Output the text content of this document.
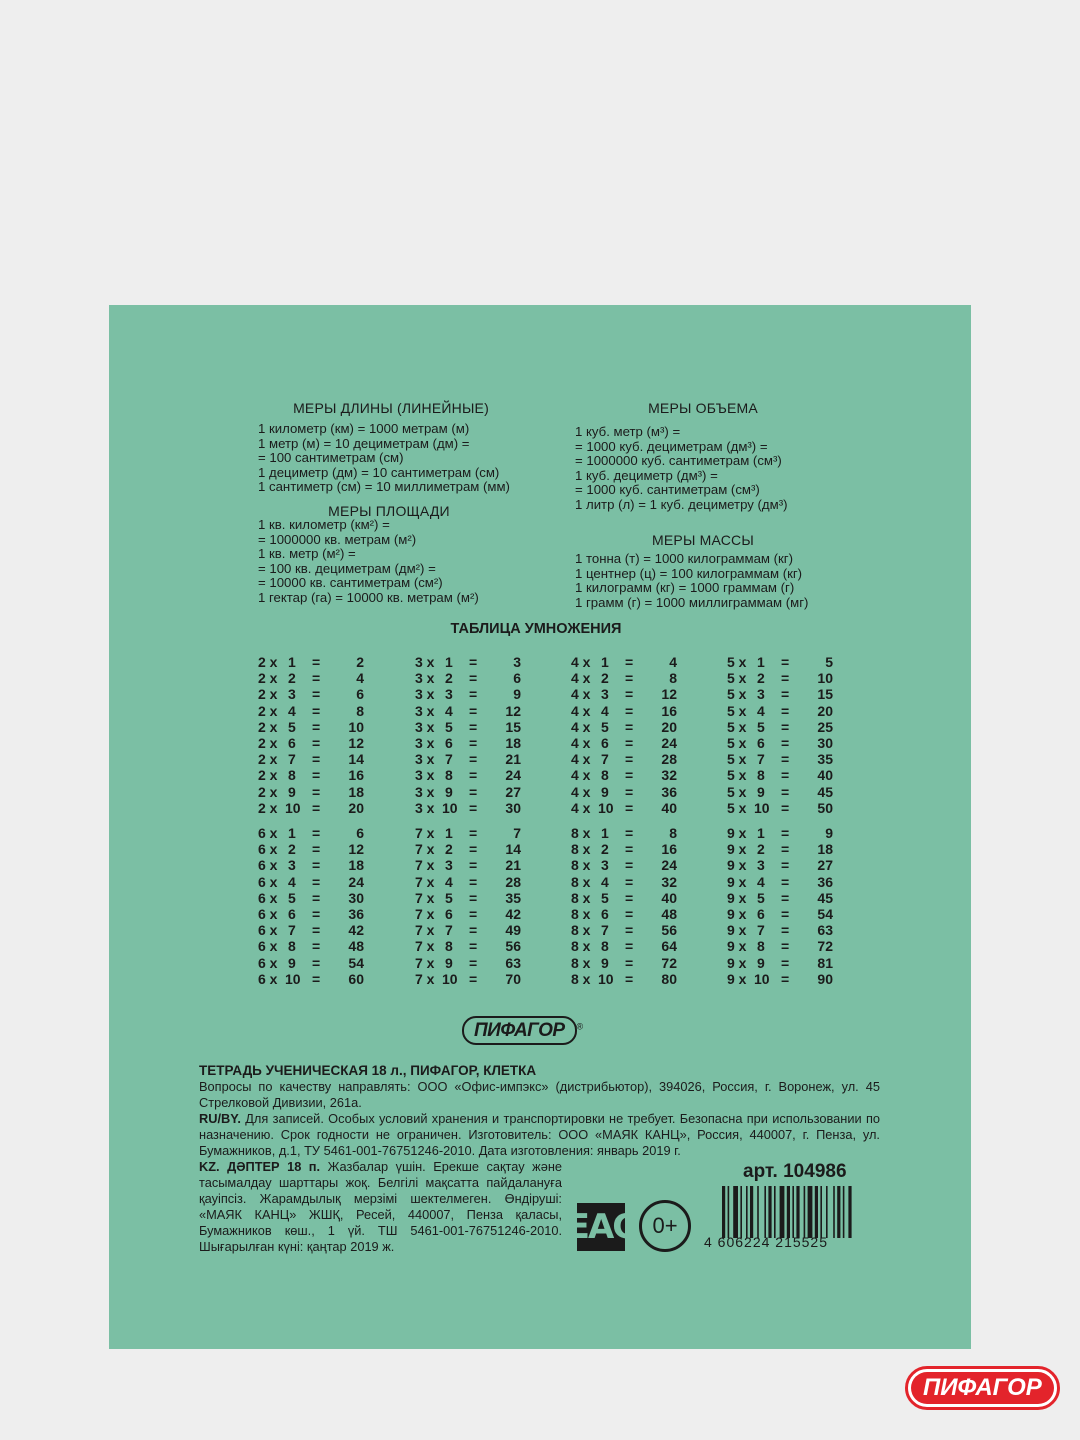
МЕРЫ ДЛИНЫ (ЛИНЕЙНЫЕ)
1 километр (км) = 1000 метрам (м)
1 метр (м) = 10 дециметрам (дм) =
= 100 сантиметрам (см)
1 дециметр (дм) = 10 сантиметрам (см)
1 сантиметр (см) = 10 миллиметрам (мм)
МЕРЫ ПЛОЩАДИ
1 кв. километр (км²) =
= 1000000 кв. метрам (м²)
1 кв. метр (м²) =
= 100 кв. дециметрам (дм²) =
= 10000 кв. сантиметрам (см²)
1 гектар (га) = 10000 кв. метрам (м²)
МЕРЫ ОБЪЕМА
1 куб. метр (м³) =
= 1000 куб. дециметрам (дм³) =
= 1000000 куб. сантиметрам (см³)
1 куб. дециметр (дм³) =
= 1000 куб. сантиметрам (см³)
1 литр (л) = 1 куб. дециметру (дм³)
МЕРЫ МАССЫ
1 тонна (т) = 1000 килограммам (кг)
1 центнер (ц) = 100 килограммам (кг)
1 килограмм (кг) = 1000 граммам (г)
1 грамм (г) = 1000 миллиграммам (мг)
ТАБЛИЦА УМНОЖЕНИЯ
2 x 1 =	2
2 x 2 =	4
2 x 3 =	6
2 x 4 =	8
2 x 5 = 10
2 x 6 = 12
2 x 7 = 14
2 x 8 = 16
2 x 9 = 18
2 x 10 = 20
3 x 1 =	3
3 x 2 =	6
3 x 3 =	9
3 x 4 = 12
3 x 5 = 15
3 x 6 = 18
3 x 7 = 21
3 x 8 = 24
3 x 9 = 27
3 x 10 = 30
4 x 1 =	4
4 x 2 =	8
4 x 3 = 12
4 x 4 = 16
4 x 5 = 20
4 x 6 = 24
4 x 7 = 28
4 x 8 = 32
4 x 9 = 36
4 x 10 = 40
5 x 1 =	5
5 x 2 = 10
5 x 3 = 15
5 x 4 = 20
5 x 5 = 25
5 x 6 = 30
5 x 7 = 35
5 x 8 = 40
5 x 9 = 45
5 x 10 = 50
6 x 1 =	6
6 x 2 = 12
6 x 3 = 18
6 x 4 = 24
6 x 5 = 30
6 x 6 = 36
6 x 7 = 42
6 x 8 = 48
6 x 9 = 54
6 x 10 = 60
7 x 1 =	7
7 x 2 = 14
7 x 3 = 21
7 x 4 = 28
7 x 5 = 35
7 x 6 = 42
7 x 7 = 49
7 x 8 = 56
7 x 9 = 63
7 x 10 = 70
8 x 1 =	8
8 x 2 = 16
8 x 3 = 24
8 x 4 = 32
8 x 5 = 40
8 x 6 = 48
8 x 7 = 56
8 x 8 = 64
8 x 9 = 72
8 x 10 = 80
9 x 1 =	9
9 x 2 = 18
9 x 3 = 27
9 x 4 = 36
9 x 5 = 45
9 x 6 = 54
9 x 7 = 63
9 x 8 = 72
9 x 9 = 81
9 x 10 = 90
ПИФАГОР ®
ТЕТРАДЬ УЧЕНИЧЕСКАЯ 18 л., ПИФАГОР, КЛЕТКА
Вопросы по качеству направлять: ООО «Офис-импэкс» (дистрибьютор), 394026, Россия, г. Воронеж, ул. 45 Стрелковой Дивизии, 261а.
RU/BY. Для записей. Особых условий хранения и транспортировки не требует. Безопасна при использовании по назначению. Срок годности не ограничен. Изготовитель: ООО «МАЯК КАНЦ», Россия, 440007, г. Пенза, ул. Бумажников, д.1, ТУ 5461-001-76751246-2010. Дата изготовления: январь 2019 г.
KZ. ДӘПТЕР 18 п. Жазбалар үшін. Ерекше сақтау және тасымалдау шарттары жоқ. Белгілі мақсатта пайдалануға қауіпсіз. Жарамдылық мерзімі шектелмеген. Өндіруші: «МАЯК КАНЦ» ЖШҚ, Ресей, 440007, Пенза қаласы, Бумажников көш., 1 үй. ТШ 5461-001-76751246-2010. Шығарылған күні: қаңтар 2019 ж.	EAC 0+
арт. 104986
4 606224 215525
ПИФАГОР
